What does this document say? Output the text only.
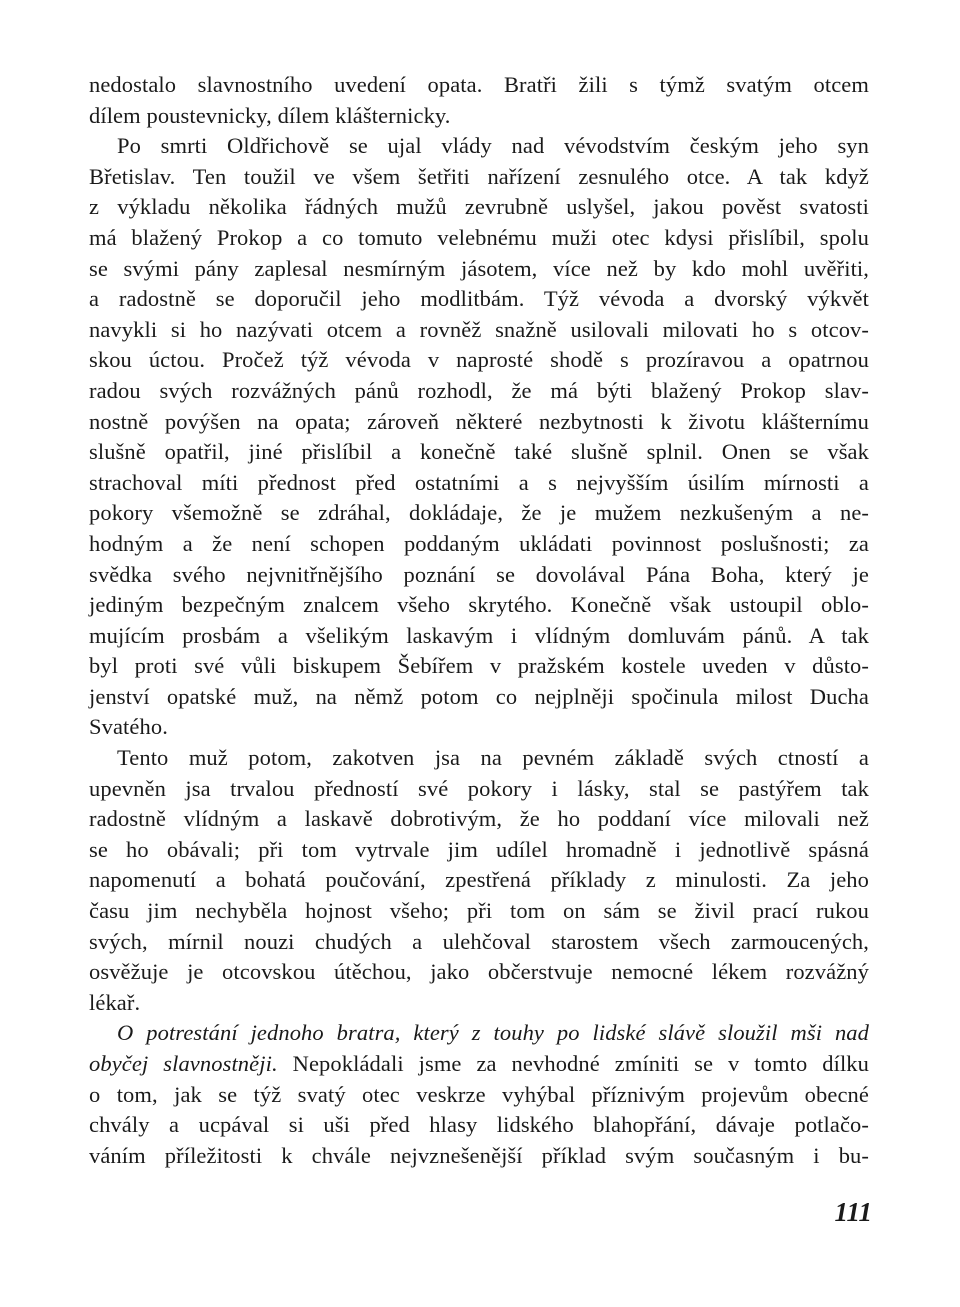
nedostalo slavnostního uvedení opata. Bratři žili s týmž svatým otcem
dílem poustevnicky, dílem klášternicky.
Po smrti Oldřichově se ujal vlády nad vévodstvím českým jeho syn
Břetislav. Ten toužil ve všem šetřiti nařízení zesnulého otce. A tak když
z výkladu několika řádných mužů zevrubně uslyšel, jakou pověst svatosti
má blažený Prokop a co tomuto velebnému muži otec kdysi přislíbil, spolu
se svými pány zaplesal nesmírným jásotem, více než by kdo mohl uvěřiti,
a radostně se doporučil jeho modlitbám. Týž vévoda a dvorský výkvět
navykli si ho nazývati otcem a rovněž snažně usilovali milovati ho s otcov-
skou úctou. Pročež týž vévoda v naprosté shodě s prozíravou a opatrnou
radou svých rozvážných pánů rozhodl, že má býti blažený Prokop slav-
nostně povýšen na opata; zároveň některé nezbytnosti k životu klášternímu
slušně opatřil, jiné přislíbil a konečně také slušně splnil. Onen se však
strachoval míti přednost před ostatními a s nejvyšším úsilím mírnosti a
pokory všemožně se zdráhal, dokládaje, že je mužem nezkušeným a ne-
hodným a že není schopen poddaným ukládati povinnost poslušnosti; za
svědka svého nejvnitřnějšího poznání se dovolával Pána Boha, který je
jediným bezpečným znalcem všeho skrytého. Konečně však ustoupil oblo-
mujícím prosbám a všelikým laskavým i vlídným domluvám pánů. A tak
byl proti své vůli biskupem Šebířem v pražském kostele uveden v důsto-
jenství opatské muž, na němž potom co nejplněji spočinula milost Ducha
Svatého.
Tento muž potom, zakotven jsa na pevném základě svých ctností a
upevněn jsa trvalou předností své pokory i lásky, stal se pastýřem tak
radostně vlídným a laskavě dobrotivým, že ho poddaní více milovali než
se ho obávali; při tom vytrvale jim udílel hromadně i jednotlivě spásná
napomenutí a bohatá poučování, zpestřená příklady z minulosti. Za jeho
času jim nechyběla hojnost všeho; při tom on sám se živil prací rukou
svých, mírnil nouzi chudých a ulehčoval starostem všech zarmoucených,
osvěžuje je otcovskou útěchou, jako občerstvuje nemocné lékem rozvážný
lékař.
O potrestání jednoho bratra, který z touhy po lidské slávě sloužil mši nad
obyčej slavnostněji. Nepokládali jsme za nevhodné zmíniti se v tomto dílku
o tom, jak se týž svatý otec veskrze vyhýbal příznivým projevům obecné
chvály a ucpával si uši před hlasy lidského blahopřání, dávaje potlačo-
váním příležitosti k chvále nejvznešenější příklad svým současným i bu-
111
